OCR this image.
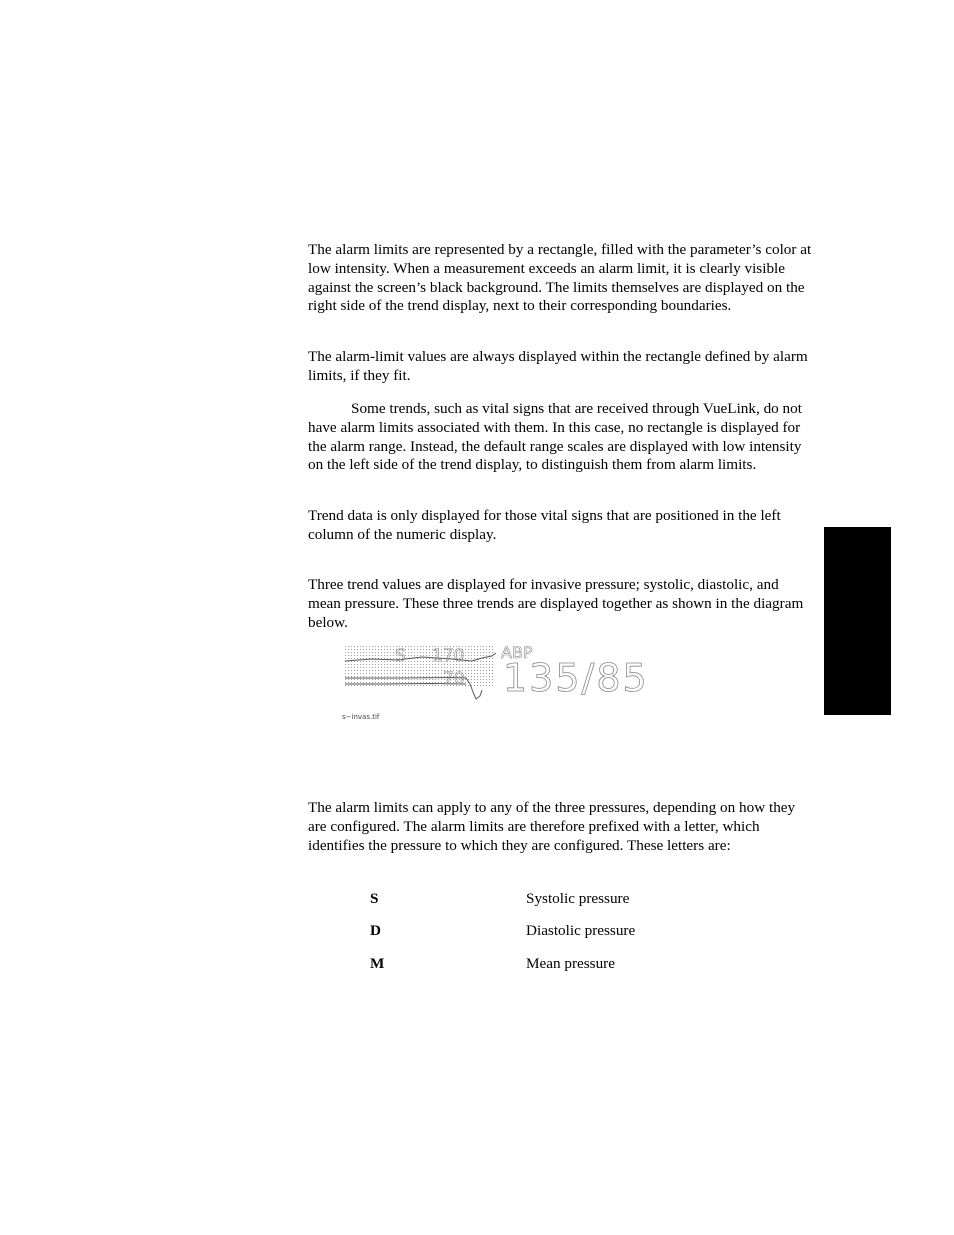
The alarm limits are represented by a rectangle, filled with the parameter’s color at low intensity. When a measurement exceeds an alarm limit, it is clearly visible against the screen’s black background. The limits themselves are displayed on the right side of the trend display, next to their corresponding boundaries.

The alarm-limit values are always displayed within the rectangle defined by alarm limits, if they fit.

Some trends, such as vital signs that are received through VueLink, do not have alarm limits associated with them. In this case, no rectangle is displayed for the alarm range. Instead, the default range scales are displayed with low intensity on the left side of the trend display, to distinguish them from alarm limits.

Trend data is only displayed for those vital signs that are positioned in the left column of the numeric display.

Three trend values are displayed for invasive pressure; systolic, diastolic, and mean pressure. These three trends are displayed together as shown in the diagram below.

S 170
70
ABP
135/85
s−invas.tif

The alarm limits can apply to any of the three pressures, depending on how they are configured. The alarm limits are therefore prefixed with a letter, which identifies the pressure to which they are configured. These letters are:

S	Systolic pressure
D	Diastolic pressure
M	Mean pressure
